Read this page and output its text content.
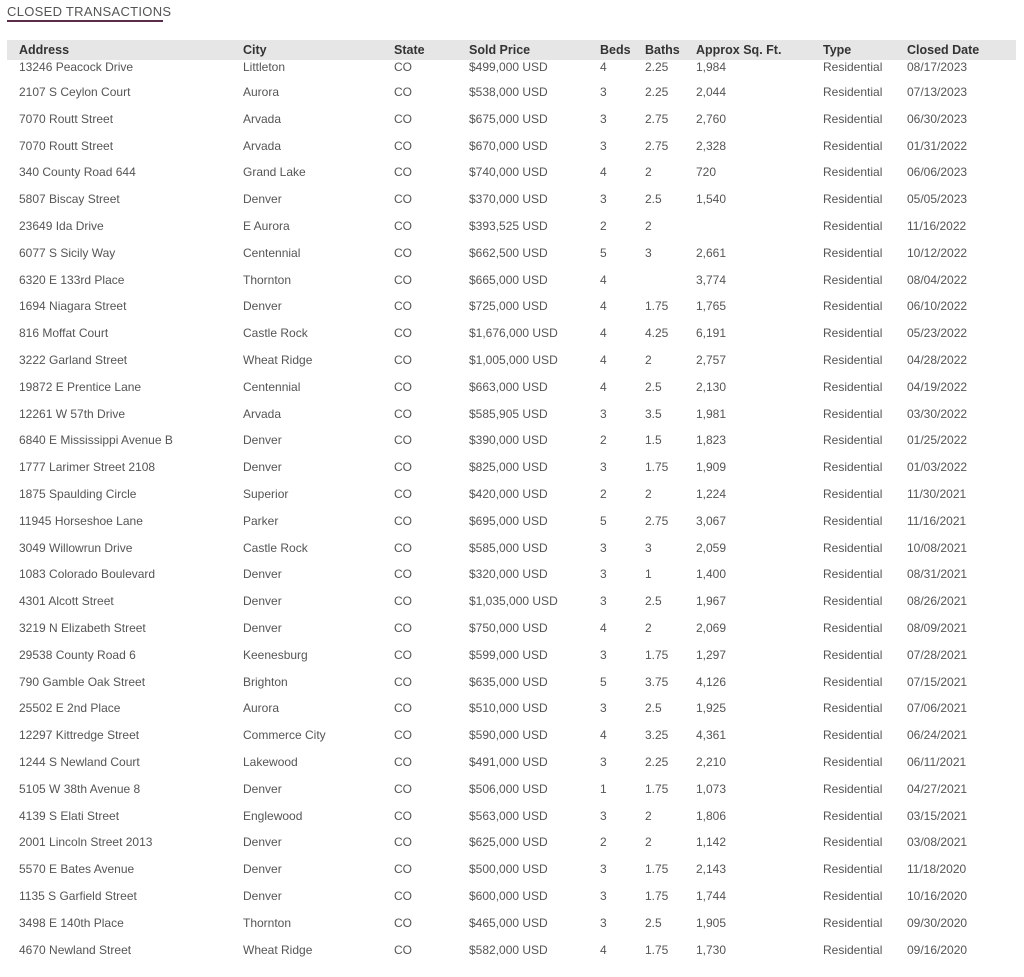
CLOSED TRANSACTIONS
Address	City	State	Sold Price	Beds	Baths	Approx Sq. Ft.	Type	Closed Date
13246 Peacock Drive	Littleton	CO	$499,000 USD	4	2.25	1,984	Residential	08/17/2023
2107 S Ceylon Court	Aurora	CO	$538,000 USD	3	2.25	2,044	Residential	07/13/2023
7070 Routt Street	Arvada	CO	$675,000 USD	3	2.75	2,760	Residential	06/30/2023
7070 Routt Street	Arvada	CO	$670,000 USD	3	2.75	2,328	Residential	01/31/2022
340 County Road 644	Grand Lake	CO	$740,000 USD	4	2	720	Residential	06/06/2023
5807 Biscay Street	Denver	CO	$370,000 USD	3	2.5	1,540	Residential	05/05/2023
23649 Ida Drive	E Aurora	CO	$393,525 USD	2	2		Residential	11/16/2022
6077 S Sicily Way	Centennial	CO	$662,500 USD	5	3	2,661	Residential	10/12/2022
6320 E 133rd Place	Thornton	CO	$665,000 USD	4		3,774	Residential	08/04/2022
1694 Niagara Street	Denver	CO	$725,000 USD	4	1.75	1,765	Residential	06/10/2022
816 Moffat Court	Castle Rock	CO	$1,676,000 USD	4	4.25	6,191	Residential	05/23/2022
3222 Garland Street	Wheat Ridge	CO	$1,005,000 USD	4	2	2,757	Residential	04/28/2022
19872 E Prentice Lane	Centennial	CO	$663,000 USD	4	2.5	2,130	Residential	04/19/2022
12261 W 57th Drive	Arvada	CO	$585,905 USD	3	3.5	1,981	Residential	03/30/2022
6840 E Mississippi Avenue B	Denver	CO	$390,000 USD	2	1.5	1,823	Residential	01/25/2022
1777 Larimer Street 2108	Denver	CO	$825,000 USD	3	1.75	1,909	Residential	01/03/2022
1875 Spaulding Circle	Superior	CO	$420,000 USD	2	2	1,224	Residential	11/30/2021
11945 Horseshoe Lane	Parker	CO	$695,000 USD	5	2.75	3,067	Residential	11/16/2021
3049 Willowrun Drive	Castle Rock	CO	$585,000 USD	3	3	2,059	Residential	10/08/2021
1083 Colorado Boulevard	Denver	CO	$320,000 USD	3	1	1,400	Residential	08/31/2021
4301 Alcott Street	Denver	CO	$1,035,000 USD	3	2.5	1,967	Residential	08/26/2021
3219 N Elizabeth Street	Denver	CO	$750,000 USD	4	2	2,069	Residential	08/09/2021
29538 County Road 6	Keenesburg	CO	$599,000 USD	3	1.75	1,297	Residential	07/28/2021
790 Gamble Oak Street	Brighton	CO	$635,000 USD	5	3.75	4,126	Residential	07/15/2021
25502 E 2nd Place	Aurora	CO	$510,000 USD	3	2.5	1,925	Residential	07/06/2021
12297 Kittredge Street	Commerce City	CO	$590,000 USD	4	3.25	4,361	Residential	06/24/2021
1244 S Newland Court	Lakewood	CO	$491,000 USD	3	2.25	2,210	Residential	06/11/2021
5105 W 38th Avenue 8	Denver	CO	$506,000 USD	1	1.75	1,073	Residential	04/27/2021
4139 S Elati Street	Englewood	CO	$563,000 USD	3	2	1,806	Residential	03/15/2021
2001 Lincoln Street 2013	Denver	CO	$625,000 USD	2	2	1,142	Residential	03/08/2021
5570 E Bates Avenue	Denver	CO	$500,000 USD	3	1.75	2,143	Residential	11/18/2020
1135 S Garfield Street	Denver	CO	$600,000 USD	3	1.75	1,744	Residential	10/16/2020
3498 E 140th Place	Thornton	CO	$465,000 USD	3	2.5	1,905	Residential	09/30/2020
4670 Newland Street	Wheat Ridge	CO	$582,000 USD	4	1.75	1,730	Residential	09/16/2020
